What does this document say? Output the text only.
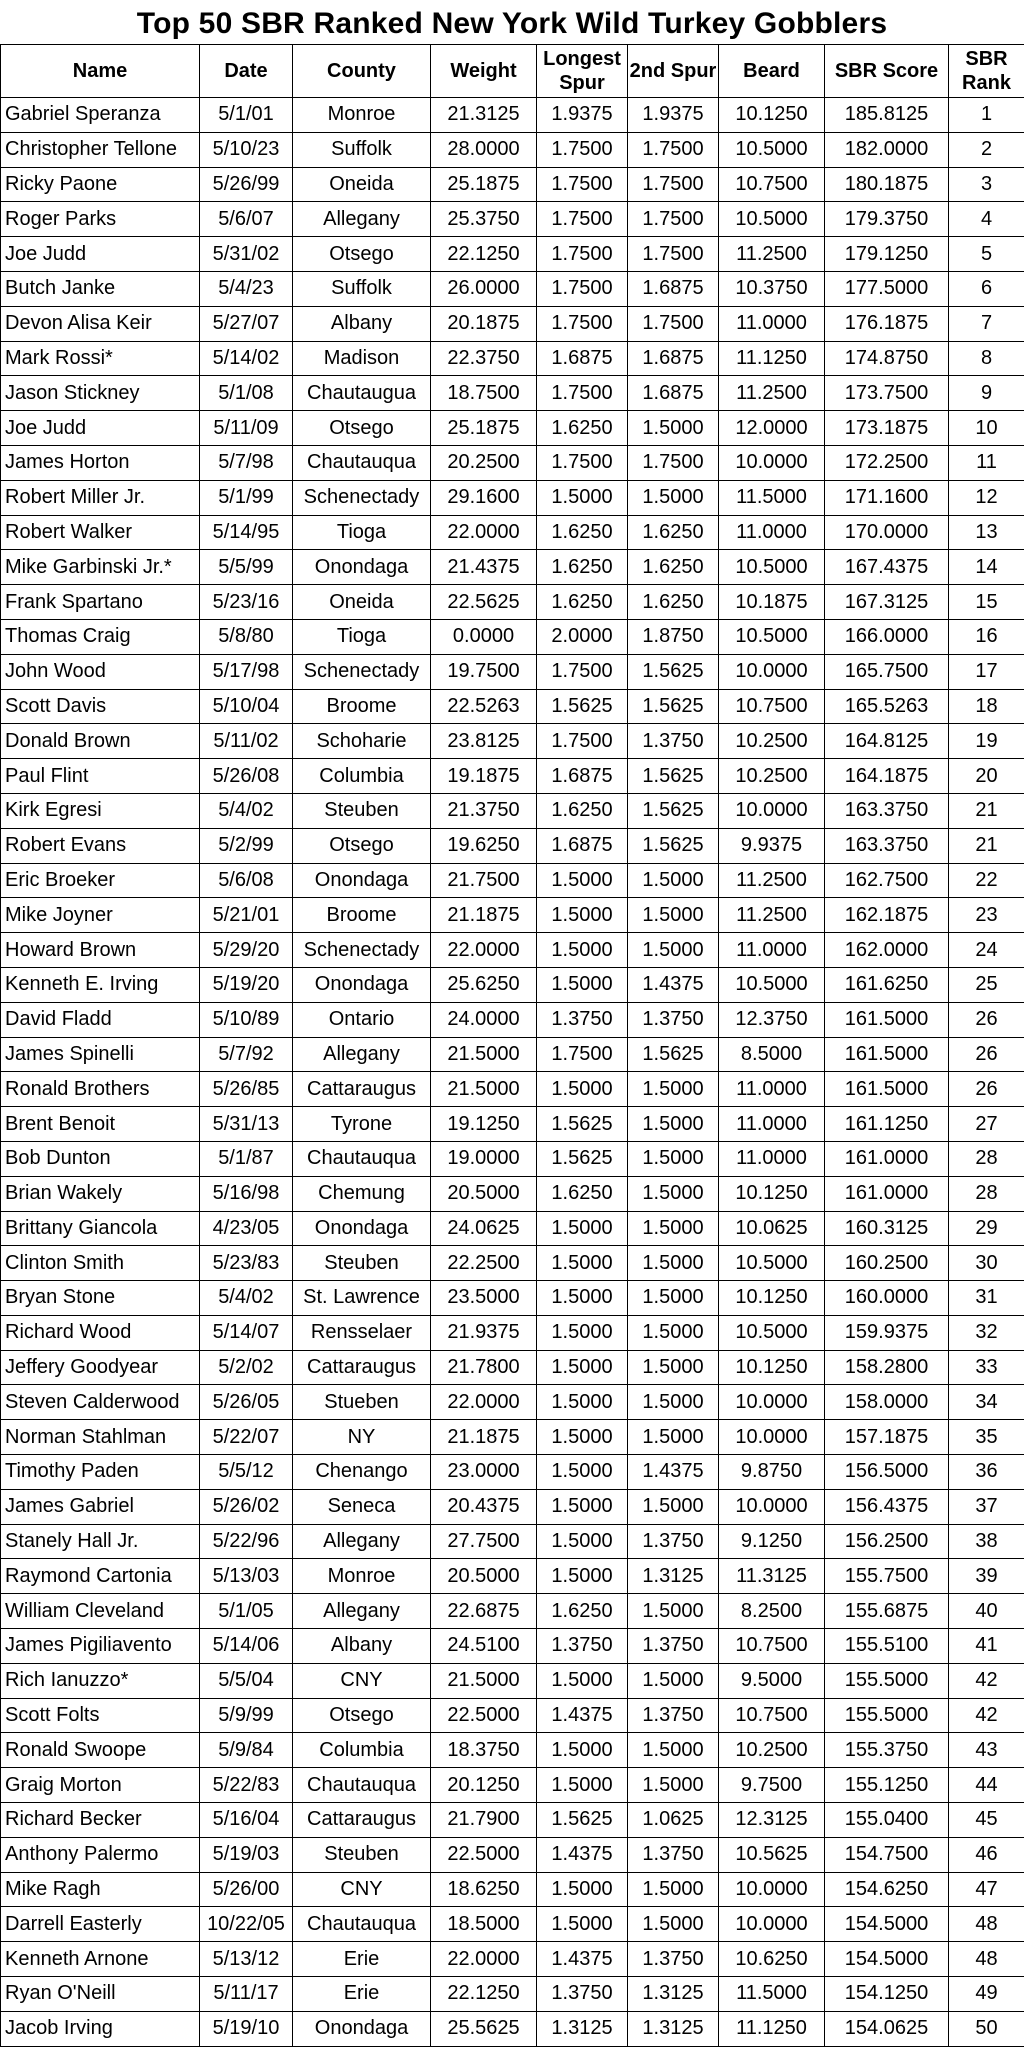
Top 50 SBR Ranked New York Wild Turkey Gobblers
Name	Date	County	Weight	Longest Spur	2nd Spur	Beard	SBR Score	SBR Rank
Gabriel Speranza	5/1/01	Monroe	21.3125	1.9375	1.9375	10.1250	185.8125	1
Christopher Tellone	5/10/23	Suffolk	28.0000	1.7500	1.7500	10.5000	182.0000	2
Ricky Paone	5/26/99	Oneida	25.1875	1.7500	1.7500	10.7500	180.1875	3
Roger Parks	5/6/07	Allegany	25.3750	1.7500	1.7500	10.5000	179.3750	4
Joe Judd	5/31/02	Otsego	22.1250	1.7500	1.7500	11.2500	179.1250	5
Butch Janke	5/4/23	Suffolk	26.0000	1.7500	1.6875	10.3750	177.5000	6
Devon Alisa Keir	5/27/07	Albany	20.1875	1.7500	1.7500	11.0000	176.1875	7
Mark Rossi*	5/14/02	Madison	22.3750	1.6875	1.6875	11.1250	174.8750	8
Jason Stickney	5/1/08	Chautaugua	18.7500	1.7500	1.6875	11.2500	173.7500	9
Joe Judd	5/11/09	Otsego	25.1875	1.6250	1.5000	12.0000	173.1875	10
James Horton	5/7/98	Chautauqua	20.2500	1.7500	1.7500	10.0000	172.2500	11
Robert Miller Jr.	5/1/99	Schenectady	29.1600	1.5000	1.5000	11.5000	171.1600	12
Robert Walker	5/14/95	Tioga	22.0000	1.6250	1.6250	11.0000	170.0000	13
Mike Garbinski Jr.*	5/5/99	Onondaga	21.4375	1.6250	1.6250	10.5000	167.4375	14
Frank Spartano	5/23/16	Oneida	22.5625	1.6250	1.6250	10.1875	167.3125	15
Thomas Craig	5/8/80	Tioga	0.0000	2.0000	1.8750	10.5000	166.0000	16
John Wood	5/17/98	Schenectady	19.7500	1.7500	1.5625	10.0000	165.7500	17
Scott Davis	5/10/04	Broome	22.5263	1.5625	1.5625	10.7500	165.5263	18
Donald Brown	5/11/02	Schoharie	23.8125	1.7500	1.3750	10.2500	164.8125	19
Paul Flint	5/26/08	Columbia	19.1875	1.6875	1.5625	10.2500	164.1875	20
Kirk Egresi	5/4/02	Steuben	21.3750	1.6250	1.5625	10.0000	163.3750	21
Robert Evans	5/2/99	Otsego	19.6250	1.6875	1.5625	9.9375	163.3750	21
Eric Broeker	5/6/08	Onondaga	21.7500	1.5000	1.5000	11.2500	162.7500	22
Mike Joyner	5/21/01	Broome	21.1875	1.5000	1.5000	11.2500	162.1875	23
Howard Brown	5/29/20	Schenectady	22.0000	1.5000	1.5000	11.0000	162.0000	24
Kenneth E. Irving	5/19/20	Onondaga	25.6250	1.5000	1.4375	10.5000	161.6250	25
David Fladd	5/10/89	Ontario	24.0000	1.3750	1.3750	12.3750	161.5000	26
James Spinelli	5/7/92	Allegany	21.5000	1.7500	1.5625	8.5000	161.5000	26
Ronald Brothers	5/26/85	Cattaraugus	21.5000	1.5000	1.5000	11.0000	161.5000	26
Brent Benoit	5/31/13	Tyrone	19.1250	1.5625	1.5000	11.0000	161.1250	27
Bob Dunton	5/1/87	Chautauqua	19.0000	1.5625	1.5000	11.0000	161.0000	28
Brian Wakely	5/16/98	Chemung	20.5000	1.6250	1.5000	10.1250	161.0000	28
Brittany Giancola	4/23/05	Onondaga	24.0625	1.5000	1.5000	10.0625	160.3125	29
Clinton Smith	5/23/83	Steuben	22.2500	1.5000	1.5000	10.5000	160.2500	30
Bryan Stone	5/4/02	St. Lawrence	23.5000	1.5000	1.5000	10.1250	160.0000	31
Richard Wood	5/14/07	Rensselaer	21.9375	1.5000	1.5000	10.5000	159.9375	32
Jeffery Goodyear	5/2/02	Cattaraugus	21.7800	1.5000	1.5000	10.1250	158.2800	33
Steven Calderwood	5/26/05	Stueben	22.0000	1.5000	1.5000	10.0000	158.0000	34
Norman Stahlman	5/22/07	NY	21.1875	1.5000	1.5000	10.0000	157.1875	35
Timothy Paden	5/5/12	Chenango	23.0000	1.5000	1.4375	9.8750	156.5000	36
James Gabriel	5/26/02	Seneca	20.4375	1.5000	1.5000	10.0000	156.4375	37
Stanely Hall Jr.	5/22/96	Allegany	27.7500	1.5000	1.3750	9.1250	156.2500	38
Raymond Cartonia	5/13/03	Monroe	20.5000	1.5000	1.3125	11.3125	155.7500	39
William Cleveland	5/1/05	Allegany	22.6875	1.6250	1.5000	8.2500	155.6875	40
James Pigiliavento	5/14/06	Albany	24.5100	1.3750	1.3750	10.7500	155.5100	41
Rich Ianuzzo*	5/5/04	CNY	21.5000	1.5000	1.5000	9.5000	155.5000	42
Scott Folts	5/9/99	Otsego	22.5000	1.4375	1.3750	10.7500	155.5000	42
Ronald Swoope	5/9/84	Columbia	18.3750	1.5000	1.5000	10.2500	155.3750	43
Graig Morton	5/22/83	Chautauqua	20.1250	1.5000	1.5000	9.7500	155.1250	44
Richard Becker	5/16/04	Cattaraugus	21.7900	1.5625	1.0625	12.3125	155.0400	45
Anthony Palermo	5/19/03	Steuben	22.5000	1.4375	1.3750	10.5625	154.7500	46
Mike Ragh	5/26/00	CNY	18.6250	1.5000	1.5000	10.0000	154.6250	47
Darrell Easterly	10/22/05	Chautauqua	18.5000	1.5000	1.5000	10.0000	154.5000	48
Kenneth Arnone	5/13/12	Erie	22.0000	1.4375	1.3750	10.6250	154.5000	48
Ryan O'Neill	5/11/17	Erie	22.1250	1.3750	1.3125	11.5000	154.1250	49
Jacob Irving	5/19/10	Onondaga	25.5625	1.3125	1.3125	11.1250	154.0625	50
